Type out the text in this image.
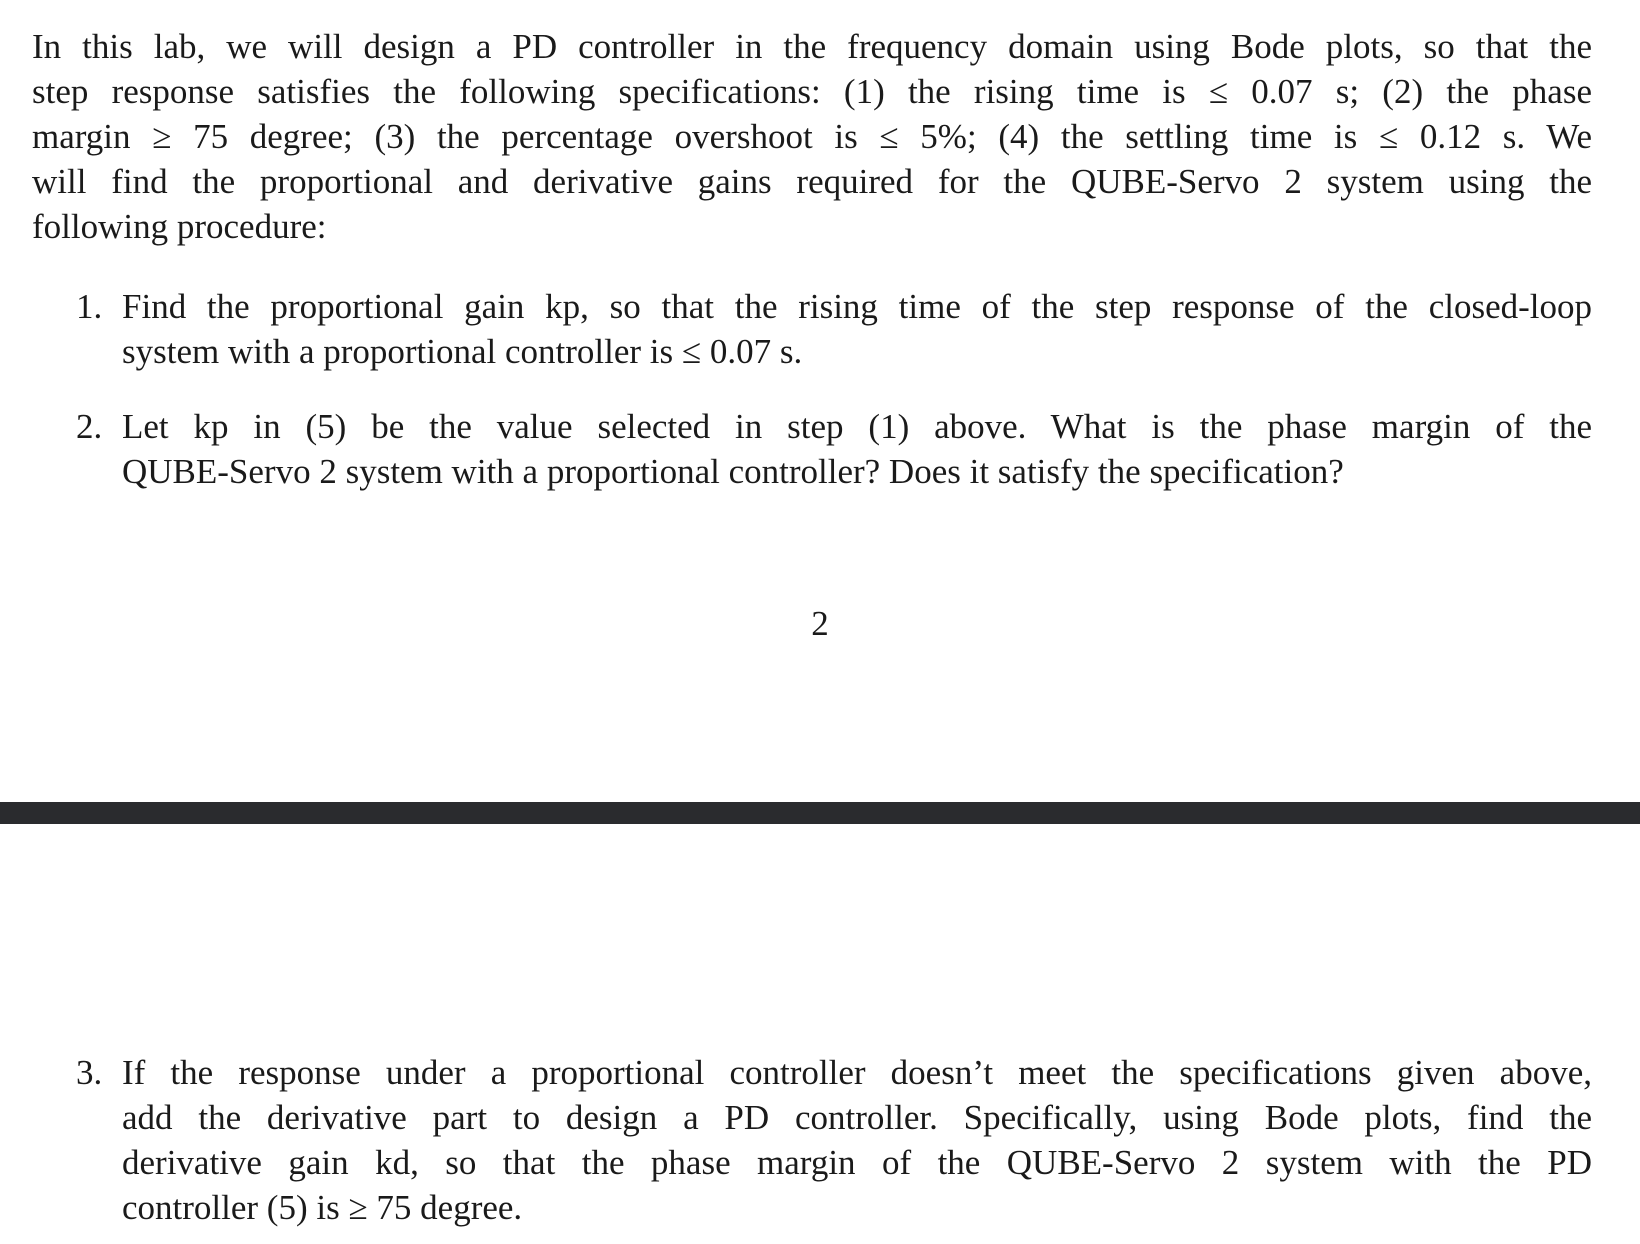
In this lab, we will design a PD controller in the frequency domain using Bode plots, so that the
step response satisfies the following specifications: (1) the rising time is ≤ 0.07 s; (2) the phase
margin ≥ 75 degree; (3) the percentage overshoot is ≤ 5%; (4) the settling time is ≤ 0.12 s. We
will find the proportional and derivative gains required for the QUBE-Servo 2 system using the
following procedure:
1. Find the proportional gain kp, so that the rising time of the step response of the closed-loop
system with a proportional controller is ≤ 0.07 s.
2. Let kp in (5) be the value selected in step (1) above. What is the phase margin of the
QUBE-Servo 2 system with a proportional controller? Does it satisfy the specification?
2
3. If the response under a proportional controller doesn’t meet the specifications given above,
add the derivative part to design a PD controller. Specifically, using Bode plots, find the
derivative gain kd, so that the phase margin of the QUBE-Servo 2 system with the PD
controller (5) is ≥ 75 degree.
